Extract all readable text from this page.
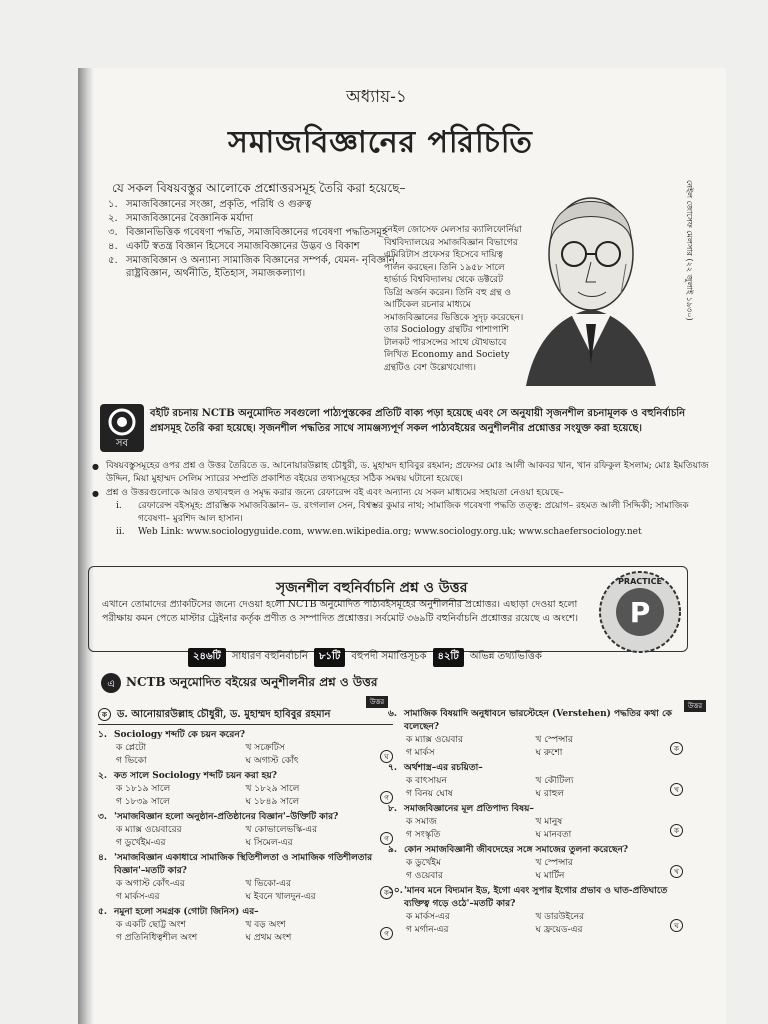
অধ্যায়-১
সমাজবিজ্ঞানের পরিচিতি
যে সকল বিষয়বস্তুর আলোকে প্রশ্নোত্তরসমূহ তৈরি করা হয়েছে–
১. সমাজবিজ্ঞানের সংজ্ঞা, প্রকৃতি, পরিধি ও গুরুত্ব
২. সমাজবিজ্ঞানের বৈজ্ঞানিক মর্যাদা
৩. বিজ্ঞানভিত্তিক গবেষণা পদ্ধতি, সমাজবিজ্ঞানের গবেষণা পদ্ধতিসমূহ
৪. একটি স্বতন্ত্র বিজ্ঞান হিসেবে সমাজবিজ্ঞানের উদ্ভব ও বিকাশ
৫. সমাজবিজ্ঞান ও অন্যান্য সামাজিক বিজ্ঞানের সম্পর্ক, যেমন- নৃবিজ্ঞান, রাষ্ট্রবিজ্ঞান, অর্থনীতি, ইতিহাস, সমাজকল্যাণ।
নেইল জোসেফ মেলসার ক্যালিফোর্নিয়া বিশ্ববিদ্যালয়ের সমাজবিজ্ঞান বিভাগের এমিরিটাস প্রফেসর হিসেবে দায়িত্ব পালন করছেন। তিনি ১৯৫৮ সালে হার্ভার্ড বিশ্ববিদ্যালয় থেকে ডক্টরেট ডিগ্রি অর্জন করেন। তিনি বহু গ্রন্থ ও আর্টিকেল রচনার মাধ্যমে সমাজবিজ্ঞানের ভিত্তিকে সুদৃঢ় করেছেন। তার Sociology গ্রন্থটির পাশাপাশি টালকট পারসন্সের সাথে যৌথভাবে লিখিত Economy and Society গ্রন্থটিও বেশ উল্লেখযোগ্য।
নেইল জোসেফ মেলসার (২২ জুলাই ১৯৩০)
সব
বইটি রচনায় NCTB অনুমোদিত সবগুলো পাঠ্যপুস্তকের প্রতিটি বাক্য পড়া হয়েছে এবং সে অনুযায়ী সৃজনশীল রচনামূলক ও বহুনির্বাচনি প্রশ্নসমূহ তৈরি করা হয়েছে। সৃজনশীল পদ্ধতির সাথে সামঞ্জস্যপূর্ণ সকল পাঠ্যবইয়ের অনুশীলনীর প্রশ্নোত্তর সংযুক্ত করা হয়েছে।
● বিষয়বস্তুসমূহের ওপর প্রশ্ন ও উত্তর তৈরিতে ড. আনোয়ারউল্লাহ চৌধুরী, ড. মুহাম্মদ হাবিবুর রহমান; প্রফেসর মোঃ আলী আকবর খান, খান রফিকুল ইসলাম; মোঃ ইমতিয়াজ উদ্দিন, মিয়া মুহাম্মদ সেলিম স্যারের সম্প্রতি প্রকাশিত বইয়ের তথ্যসমূহের সঠিক সমন্বয় ঘটানো হয়েছে।
● প্রশ্ন ও উত্তরগুলোকে আরও তথ্যবহুল ও সমৃদ্ধ করার জন্যে রেফারেন্স বই এবং অন্যান্য যে সকল মাধ্যমের সহায়তা নেওয়া হয়েছে–
i.	রেফারেন্স বইসমূহ: প্রারম্ভিক সমাজবিজ্ঞান– ড. রংগলাল সেন, বিশ্বম্ভর কুমার নাথ; সামাজিক গবেষণা পদ্ধতি তত্ত্ব: প্রয়োগ– রহমত আলী সিদ্দিকী; সামাজিক গবেষণা– মুরশিদ আল হাসান।
ii.	Web Link: www.sociologyguide.com, www.en.wikipedia.org; www.sociology.org.uk; www.schaefersociology.net
সৃজনশীল বহুনির্বাচনি প্রশ্ন ও উত্তর
এখানে তোমাদের প্র্যাকটিসের জন্যে দেওয়া হলো NCTB অনুমোদিত পাঠ্যবইসমূহের অনুশীলনীর প্রশ্নোত্তর। এছাড়া দেওয়া হলো পরীক্ষায় কমন পেতে মাস্টার ট্রেইনার কর্তৃক প্রণীত ও সম্পাদিত প্রশ্নোত্তর। সর্বমোট ৩৬৯টি বহুনির্বাচনি প্রশ্নোত্তর রয়েছে এ অংশে।	P
PRACTICE
২৪৬টি	সাধারণ বহুনির্বাচনি	৮১টি	বহুপদী সমাপ্তিসূচক	৪২টি	অভিন্ন তথ্যভিত্তিক
এ NCTB অনুমোদিত বইয়ের অনুশীলনীর প্রশ্ন ও উত্তর
উত্তর	উত্তর
ক	ড. আনোয়ারউল্লাহ চৌধুরী, ড. মুহাম্মদ হাবিবুর রহমান
১. Sociology শব্দটি কে চয়ন করেন?
ক প্লেটো	খ সক্রেটিস
গ ভিকো	ঘ অগাস্ট কোঁৎ	ঘ
২. কত সালে Sociology শব্দটি চয়ন করা হয়?
ক ১৮১৯ সালে	খ ১৮২৯ সালে
গ ১৮৩৯ সালে	ঘ ১৮৪৯ সালে	গ
৩. 'সমাজবিজ্ঞান হলো অনুষ্ঠান-প্রতিষ্ঠানের বিজ্ঞান'–উক্তিটি কার?
ক ম্যাক্স ওয়েবারের	খ কোভালেভস্কি-এর
গ ডুর্খেইম-এর	ঘ সিমেল-এর	গ
৪. 'সমাজবিজ্ঞান একাধারে সামাজিক স্থিতিশীলতা ও সামাজিক গতিশীলতার বিজ্ঞান'–মতটি কার?
ক অগাস্ট কোঁৎ-এর	খ ভিকো-এর
গ মার্কস-এর	ঘ ইবনে খালদুন-এর	ক
৫. নমুনা হলো সমগ্রক (গোটা জিনিস) এর–
ক একটি ছোট্ট অংশ	খ বড় অংশ
গ প্রতিনিধিত্বশীল অংশ	ঘ প্রথম অংশ	গ
৬. সামাজিক বিষয়াদি অনুধাবনে ভারস্টেহেন (Verstehen) পদ্ধতির কথা কে বলেছেন?
ক ম্যাক্স ওয়েবার	খ স্পেন্সার
গ মার্কস	ঘ রুশো	ক
৭. অর্থশাস্ত্র–এর রচয়িতা–
ক বাৎসায়ন	খ কৌটিল্য
গ বিনয় ঘোষ	ঘ রাহুল	খ
৮. সমাজবিজ্ঞানের মূল প্রতিপাদ্য বিষয়–
ক সমাজ	খ মানুষ
গ সংস্কৃতি	ঘ মানবতা	ক
৯. কোন সমাজবিজ্ঞানী জীবদেহের সঙ্গে সমাজের তুলনা করেছেন?
ক ডুর্খেইম	খ স্পেন্সার
গ ওয়েবার	ঘ মার্টিন	খ
১০. 'মানব মনে বিদ্যমান ইড, ইগো এবং সুপার ইগোর প্রভাব ও ঘাত-প্রতিঘাতে ব্যক্তিত্ব গড়ে ওঠে'–মতটি কার?
ক মার্কস-এর	খ ডারউইনের
গ মর্গান-এর	ঘ ফ্রয়েড-এর	ঘ
